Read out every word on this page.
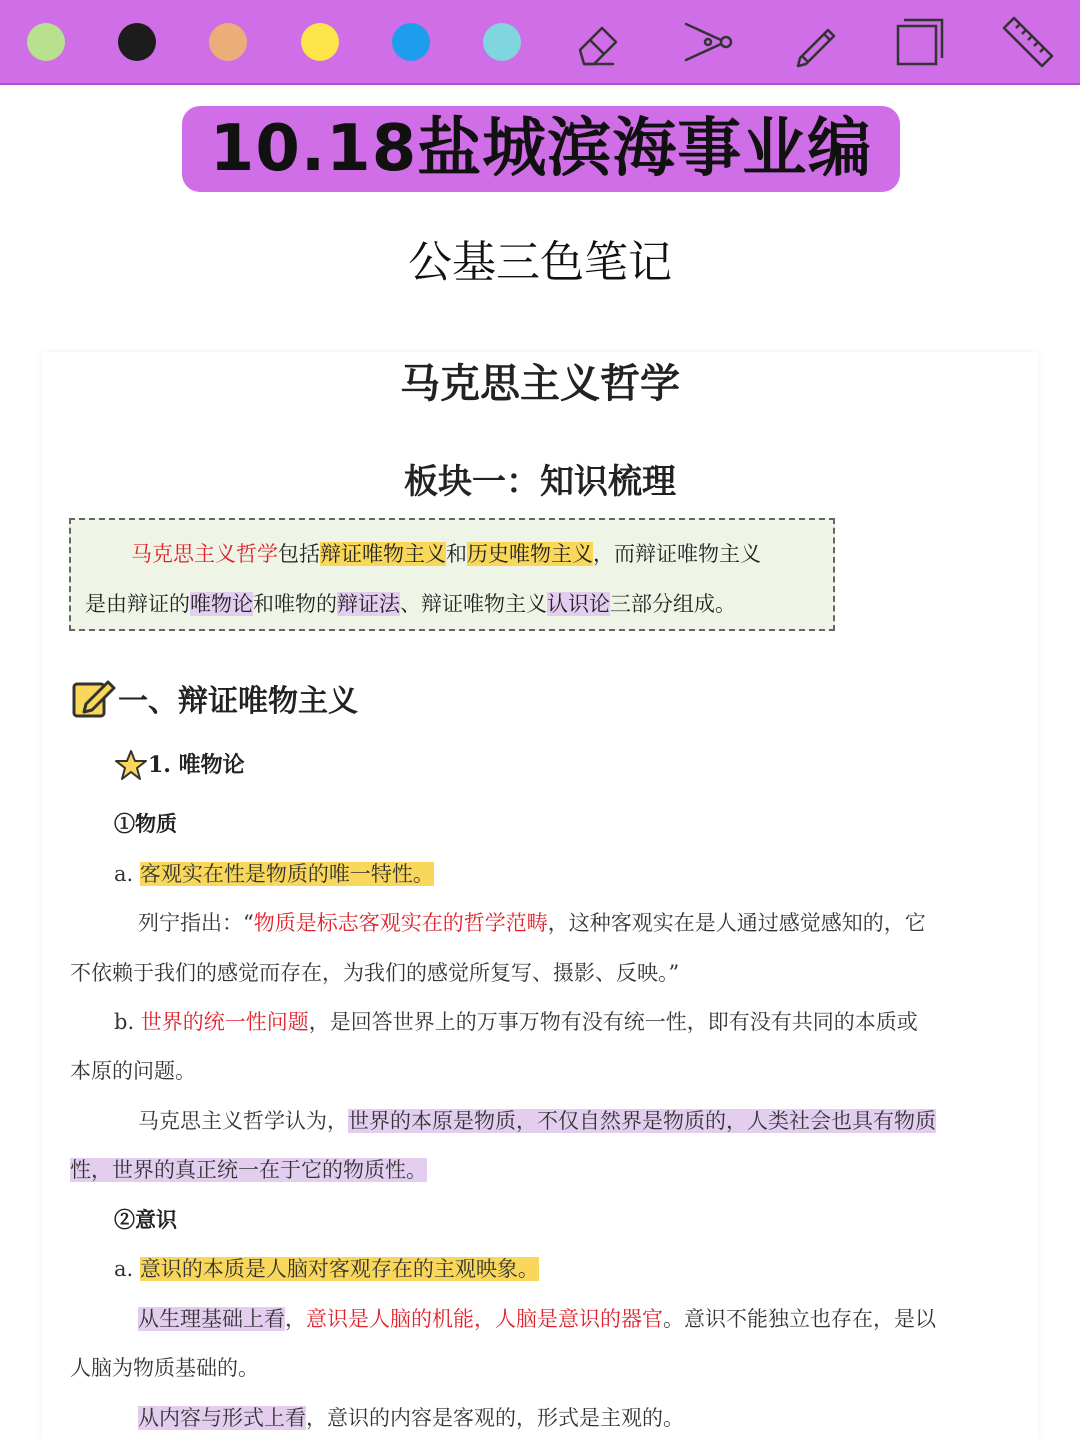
10.18盐城滨海事业编
公基三色笔记
马克思主义哲学
板块一：知识梳理
马克思主义哲学包括辩证唯物主义和历史唯物主义，而辩证唯物主义
是由辩证的唯物论和唯物的辩证法、辩证唯物主义认识论三部分组成。
一、辩证唯物主义
1. 唯物论
①物质
a. 客观实在性是物质的唯一特性。
列宁指出：“物质是标志客观实在的哲学范畴，这种客观实在是人通过感觉感知的，它
不依赖于我们的感觉而存在，为我们的感觉所复写、摄影、反映。”
b. 世界的统一性问题，是回答世界上的万事万物有没有统一性，即有没有共同的本质或
本原的问题。
马克思主义哲学认为，世界的本原是物质，不仅自然界是物质的，人类社会也具有物质
性，世界的真正统一在于它的物质性。
②意识
a. 意识的本质是人脑对客观存在的主观映象。
从生理基础上看，意识是人脑的机能，人脑是意识的器官。意识不能独立也存在，是以
人脑为物质基础的。
从内容与形式上看，意识的内容是客观的，形式是主观的。
